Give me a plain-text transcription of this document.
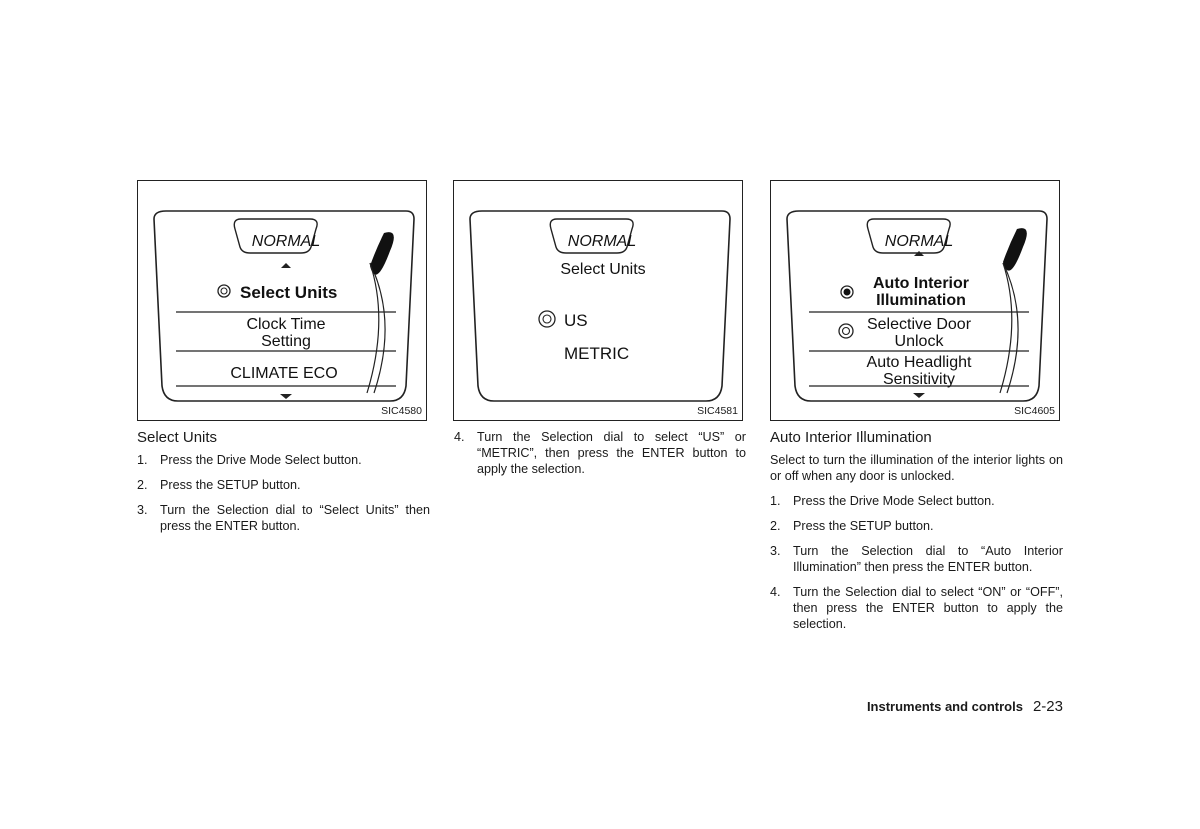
NORMAL
Select Units
Clock Time
Setting
CLIMATE ECO
SIC4580
NORMAL
Select Units
US
METRIC
SIC4581
NORMAL
Auto Interior
Illumination
Selective Door
Unlock
Auto Headlight
Sensitivity
SIC4605
Select Units
1. Press the Drive Mode Select button.
2. Press the SETUP button.
3. Turn the Selection dial to “Select Units” then press the ENTER button.
4. Turn the Selection dial to select “US” or “METRIC”, then press the ENTER button to apply the selection.
Auto Interior Illumination

Select to turn the illumination of the interior lights on or off when any door is unlocked.

1. Press the Drive Mode Select button.
2. Press the SETUP button.
3. Turn the Selection dial to “Auto Interior Illumination” then press the ENTER button.
4. Turn the Selection dial to select “ON” or “OFF”, then press the ENTER button to apply the selection.
Instruments and controls 2-23
